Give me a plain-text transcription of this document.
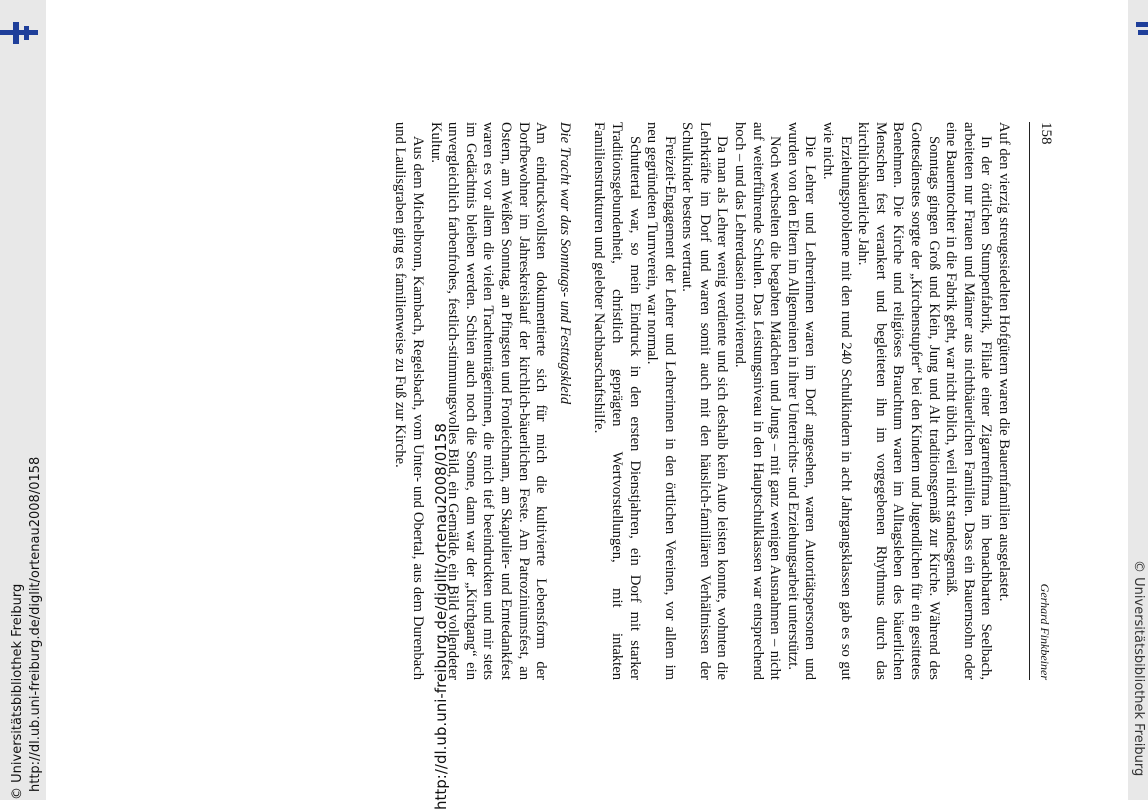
http://dl.ub.uni-freiburg.de/diglit/ortenau2008/0158
http://dl.ub.uni-freiburg.de/diglit/ortenau2008/0158
© Universitätsbibliothek Freiburg	© Universitätsbibliothek Freiburg
158
Gerhard Finkbeiner

Auf den vierzig streugesiedelten Hofgütern waren die Bauernfamilien ausgelastet.

In der örtlichen Stumpenfabrik, Filiale einer Zigarrenfirma im benachbarten Seelbach, arbeiteten nur Frauen und Männer aus nichtbäuerlichen Familien. Dass ein Bauernsohn oder eine Bauerntochter in die Fabrik geht, war nicht üblich, weil nicht standesgemäß.

Sonntags gingen Groß und Klein, Jung und Alt traditionsgemäß zur Kirche. Während des Gottesdienstes sorgte der „Kirchenstupfer“ bei den Kindern und Jugendlichen für ein gesittetes Benehmen. Die Kirche und religiöses Brauchtum waren im Alltagsleben des bäuerlichen Menschen fest verankert und begleiteten ihn im vorgegebenen Rhythmus durch das kirchlichbäuerliche Jahr.

Erziehungsprobleme mit den rund 240 Schulkindern in acht Jahrgangsklassen gab es so gut wie nicht.

Die Lehrer und Lehrerinnen waren im Dorf angesehen, waren Autoritätspersonen und wurden von den Eltern im Allgemeinen in ihrer Unterrichts- und Erziehungsarbeit unterstützt.

Noch wechselten die begabten Mädchen und Jungs – mit ganz wenigen Ausnahmen – nicht auf weiterführende Schulen. Das Leistungsniveau in den Hauptschulklassen war entsprechend hoch – und das Lehrerdasein motivierend.

Da man als Lehrer wenig verdiente und sich deshalb kein Auto leisten konnte, wohnten die Lehrkräfte im Dorf und waren somit auch mit den häuslich-familiären Verhältnissen der Schulkinder bestens vertraut.

Freizeit-Engagement der Lehrer und Lehrerinnen in den örtlichen Vereinen, vor allem im neu gegründeten Turnverein, war normal.

Schuttertal war, so mein Eindruck in den ersten Dienstjahren, ein Dorf mit starker Traditionsgebundenheit, christlich geprägten Wertvorstellungen, mit intakten Familienstrukturen und gelebter Nachbarschaftshilfe.

Die Tracht war das Sonntags- und Festtagskleid

Am eindrucksvollsten dokumentierte sich für mich die kultivierte Lebensform der Dorfbewohner im Jahreskreislauf der kirchlich-bäuerlichen Feste. Am Patroziniumsfest, an Ostern, am Weißen Sonntag, an Pfingsten und Fronleichnam, am Skapulier- und Erntedankfest waren es vor allem die vielen Trachtenträgerinnen, die mich tief beeindruckten und mir stets im Gedächtnis bleiben werden. Schien auch noch die Sonne, dann war der „Kirchgang“ ein unvergleichlich farbenfrohes, festlich-stimmungsvolles Bild, ein Gemälde, ein Bild vollendeter Kultur.

Aus dem Michelbronn, Kambach, Regelsbach, vom Unter- und Obertal, aus dem Durenbach und Laulisgraben ging es familienweise zu Fuß zur Kirche.
